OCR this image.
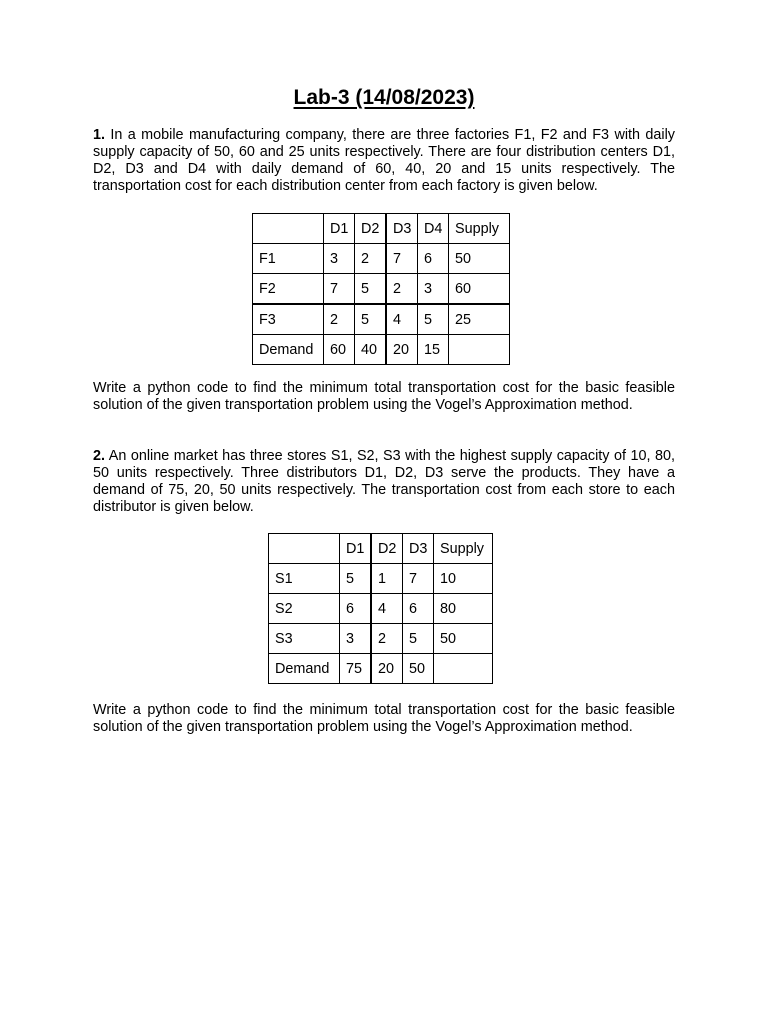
Lab-3 (14/08/2023)
1. In a mobile manufacturing company, there are three factories F1, F2 and F3 with daily supply capacity of 50, 60 and 25 units respectively. There are four distribution centers D1, D2, D3 and D4 with daily demand of 60, 40, 20 and 15 units respectively. The transportation cost for each distribution center from each factory is given below.
	D1	D2	D3	D4	Supply
F1	3	2	7	6	50
F2	7	5	2	3	60
F3	2	5	4	5	25
Demand	60	40	20	15	
Write a python code to find the minimum total transportation cost for the basic feasible solution of the given transportation problem using the Vogel’s Approximation method.
2. An online market has three stores S1, S2, S3 with the highest supply capacity of 10, 80, 50 units respectively. Three distributors D1, D2, D3 serve the products. They have a demand of 75, 20, 50 units respectively. The transportation cost from each store to each distributor is given below.
	D1	D2	D3	Supply
S1	5	1	7	10
S2	6	4	6	80
S3	3	2	5	50
Demand	75	20	50	
Write a python code to find the minimum total transportation cost for the basic feasible solution of the given transportation problem using the Vogel’s Approximation method.
